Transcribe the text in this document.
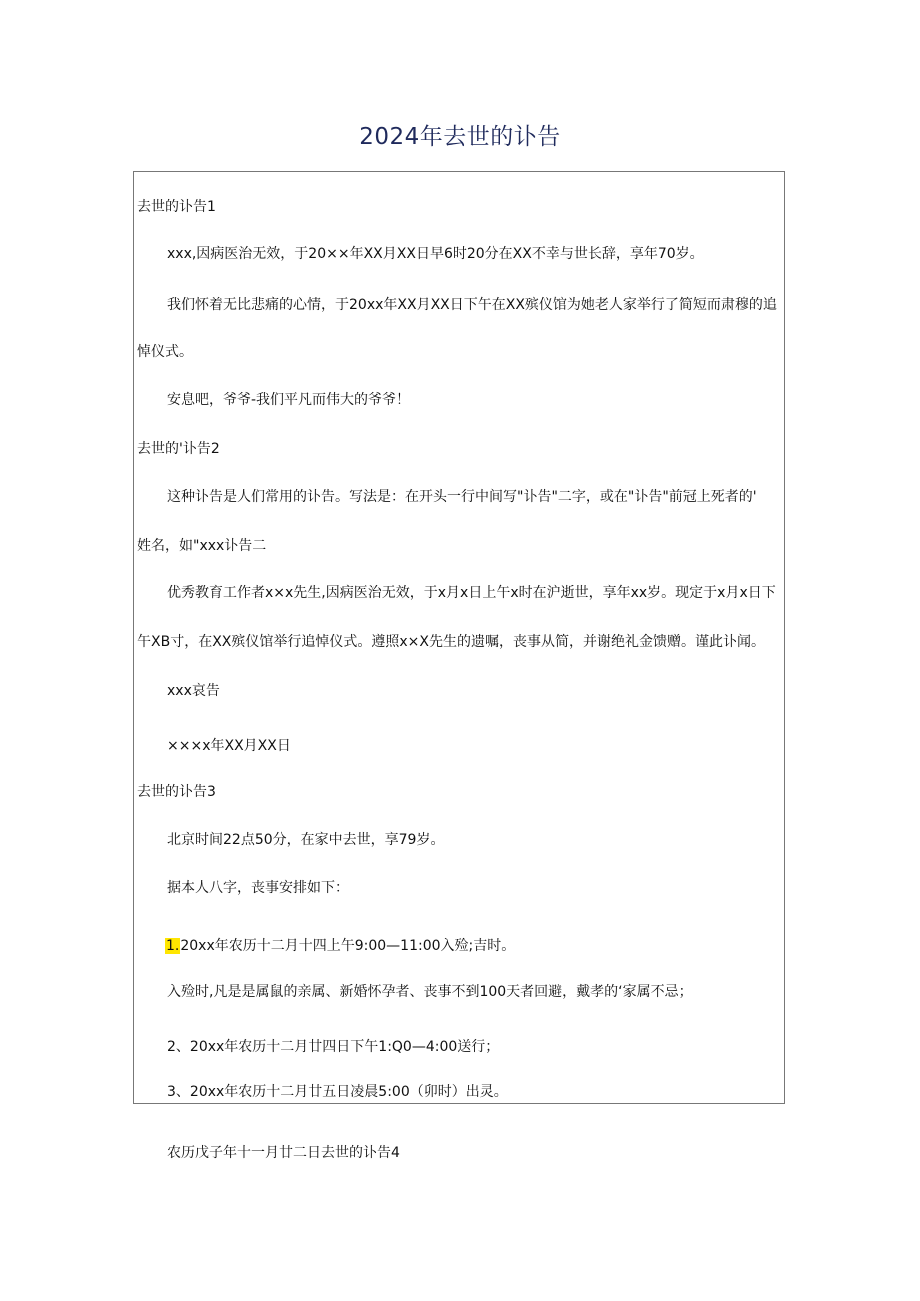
2024年去世的讣告
去世的讣告1
xxx,因病医治无效，于20××年XX月XX日早6时20分在XX不幸与世长辞，享年70岁。
我们怀着无比悲痛的心情，于20xx年XX月XX日下午在XX殡仪馆为她老人家举行了简短而肃穆的追
悼仪式。
安息吧，爷爷-我们平凡而伟大的爷爷！
去世的'讣告2
这种讣告是人们常用的讣告。写法是：在开头一行中间写"讣告"二字，或在"讣告"前冠上死者的'
姓名，如"xxx讣告二
优秀教育工作者x×x先生,因病医治无效，于x月x日上午x时在沪逝世，享年xx岁。现定于x月x日下
午XB寸，在XX殡仪馆举行追悼仪式。遵照x×X先生的遗嘱，丧事从简，并谢绝礼金馈赠。谨此讣闻。
xxx哀告
×××x年XX月XX日
去世的讣告3
北京时间22点50分，在家中去世，享79岁。
据本人八字，丧事安排如下：
1.20xx年农历十二月十四上午9:00—11:00入殓;吉时。
入殓时,凡是是属鼠的亲属、新婚怀孕者、丧事不到100天者回避，戴孝的‘家属不忌；
2、20xx年农历十二月廿四日下午1:Q0—4:00送行；
3、20xx年农历十二月廿五日凌晨5:00（卯时）出灵。
农历戊子年十一月廿二日去世的讣告4
